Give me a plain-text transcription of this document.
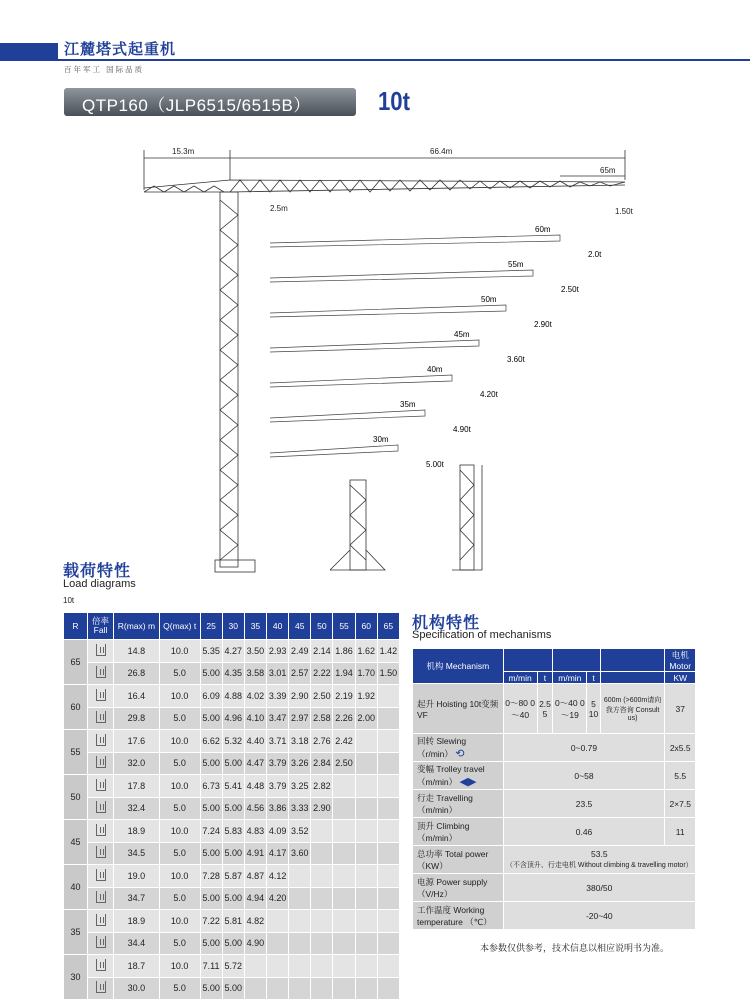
江麓塔式起重机
百年军工 国际品质
QTP160（JLP6515/6515B）	10t
15.3m	66.4m
65m
2.5m	1.50t
60m
2.0t
55m
2.50t
50m
2.90t
45m
3.60t
40m
4.20t
35m
4.90t
30m
5.00t
载荷特性
Load diagrams
10t
R	倍率 Fall	R(max) m	Q(max) t	25	30	35	40	45	50	55	60	65
65		14.8	10.0	5.35	4.27	3.50	2.93	2.49	2.14	1.86	1.62	1.42
		26.8	5.0	5.00	4.35	3.58	3.01	2.57	2.22	1.94	1.70	1.50
60		16.4	10.0	6.09	4.88	4.02	3.39	2.90	2.50	2.19	1.92	
		29.8	5.0	5.00	4.96	4.10	3.47	2.97	2.58	2.26	2.00	
55		17.6	10.0	6.62	5.32	4.40	3.71	3.18	2.76	2.42		
		32.0	5.0	5.00	5.00	4.47	3.79	3.26	2.84	2.50		
50		17.8	10.0	6.73	5.41	4.48	3.79	3.25	2.82			
		32.4	5.0	5.00	5.00	4.56	3.86	3.33	2.90			
45		18.9	10.0	7.24	5.83	4.83	4.09	3.52				
		34.5	5.0	5.00	5.00	4.91	4.17	3.60				
40		19.0	10.0	7.28	5.87	4.87	4.12					
		34.7	5.0	5.00	5.00	4.94	4.20					
35		18.9	10.0	7.22	5.81	4.82						
		34.4	5.0	5.00	5.00	4.90						
30		18.7	10.0	7.11	5.72							
		30.0	5.0	5.00	5.00							
机构特性
Specification of mechanisms
机构 Mechanism						电机 Motor
	m/min	t	m/min	t		KW
起升 Hoisting 10t变频 VF	0～80 0～40	2.5 5	0～40 0～19	5 10	600m (>600m请向我方咨询 Consult us)	37
回转 Slewing （r/min） ⟲	0~0.79					2x5.5
变幅 Trolley travel （m/min） ◀▶	0~58					5.5
行走 Travelling （m/min）	23.5					2×7.5
顶升 Climbing （m/min）	0.46					11
总功率 Total power （KW）	53.5
（不含顶升、行走电机 Without climbing & travelling motor）					
电源 Power supply （V/Hz）	380/50					
工作温度 Working temperature （℃）	-20~40					
本参数仅供参考，技术信息以相应说明书为准。
